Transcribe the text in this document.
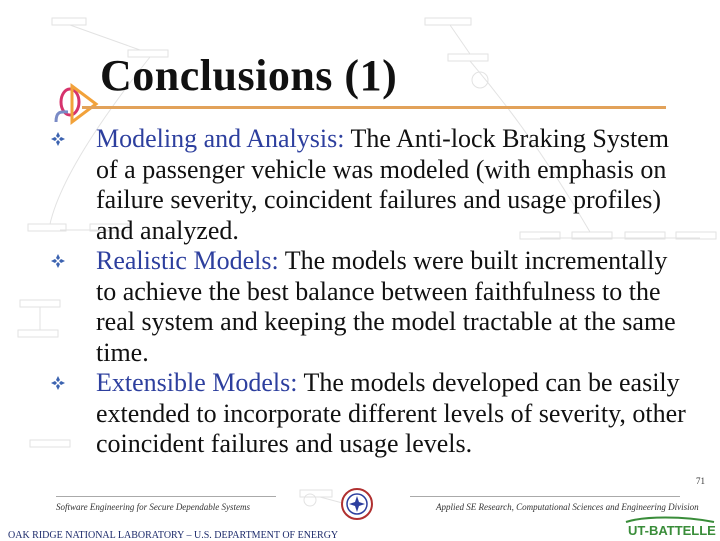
Conclusions (1)

Modeling and Analysis: The Anti-lock Braking System of a passenger vehicle was modeled (with emphasis on failure severity, coincident failures and usage profiles) and analyzed.

Realistic Models: The models were built incrementally to achieve the best balance between faithfulness to the real system and keeping the model tractable at the same time.

Extensible Models: The models developed can be easily extended to incorporate different levels of severity, other coincident failures and usage levels.

Software Engineering for Secure Dependable Systems	Applied SE Research, Computational Sciences and Engineering Division
71
OAK RIDGE NATIONAL LABORATORY – U.S. DEPARTMENT OF ENERGY	UT-BATTELLE
